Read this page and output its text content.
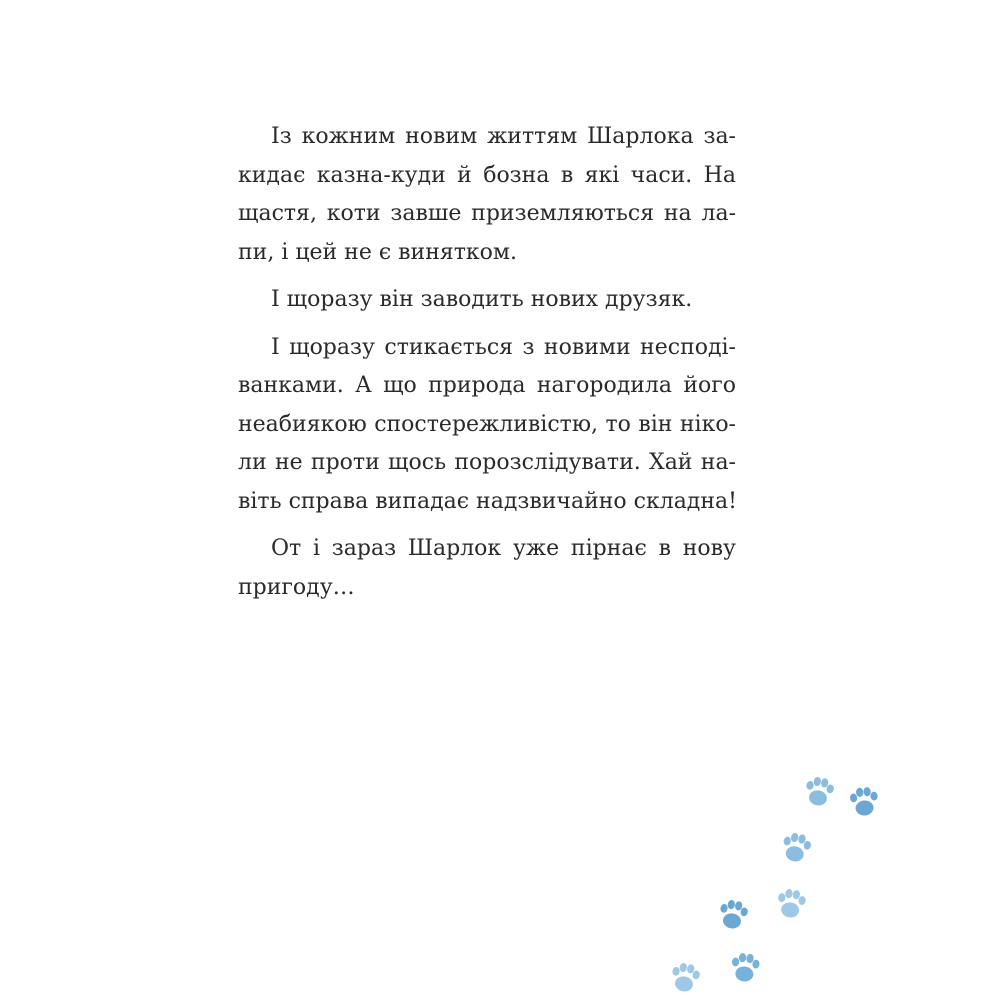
Із кожним новим життям Шарлока за-
кидає казна-куди й бозна в які часи. На
щастя, коти завше приземляються на ла-
пи, і цей не є винятком.

І щоразу він заводить нових друзяк.

І щоразу стикається з новими несподі-
ванками. А що природа нагородила його
неабиякою спостережливістю, то він ніко-
ли не проти щось порозслідувати. Хай на-
віть справа випадає надзвичайно складна!

От і зараз Шарлок уже пірнає в нову
пригоду…
